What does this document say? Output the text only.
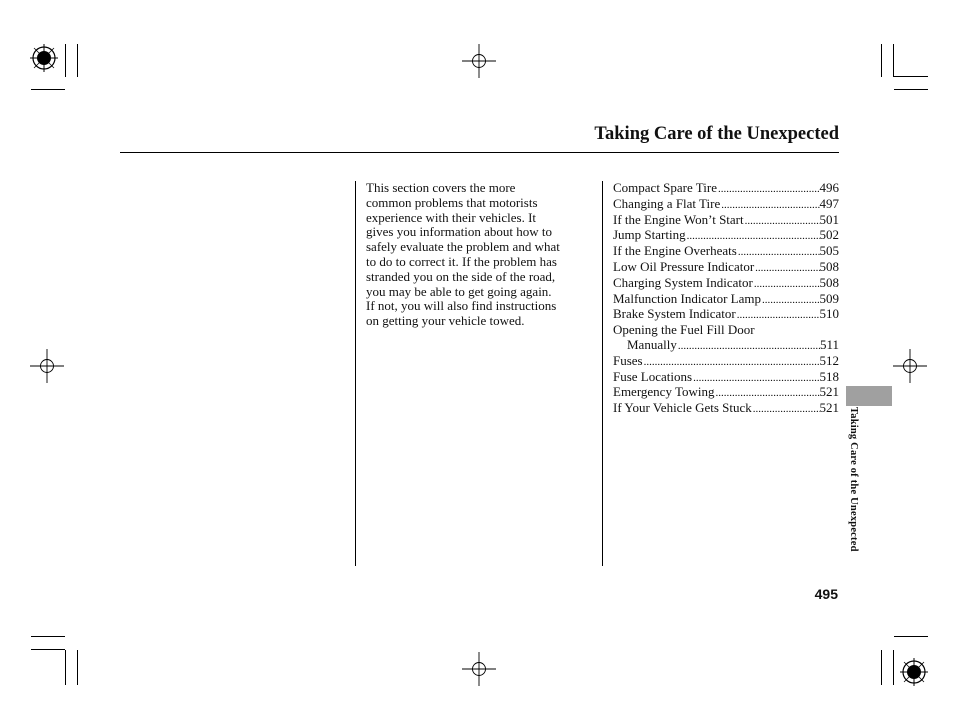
Taking Care of the Unexpected
This section covers the more
common problems that motorists
experience with their vehicles. It
gives you information about how to
safely evaluate the problem and what
to do to correct it. If the problem has
stranded you on the side of the road,
you may be able to get going again.
If not, you will also find instructions
on getting your vehicle towed.
Compact Spare Tire .....	496
Changing a Flat Tire .....	497
If the Engine Won’t Start .....	501
Jump Starting .....	502
If the Engine Overheats .....	505
Low Oil Pressure Indicator .....	508
Charging System Indicator .....	508
Malfunction Indicator Lamp .....	509
Brake System Indicator .....	510
Opening the Fuel Fill Door
Manually .....	511
Fuses .....	512
Fuse Locations .....	518
Emergency Towing .....	521
If Your Vehicle Gets Stuck .....	521 Taking Care of the Unexpected
495
